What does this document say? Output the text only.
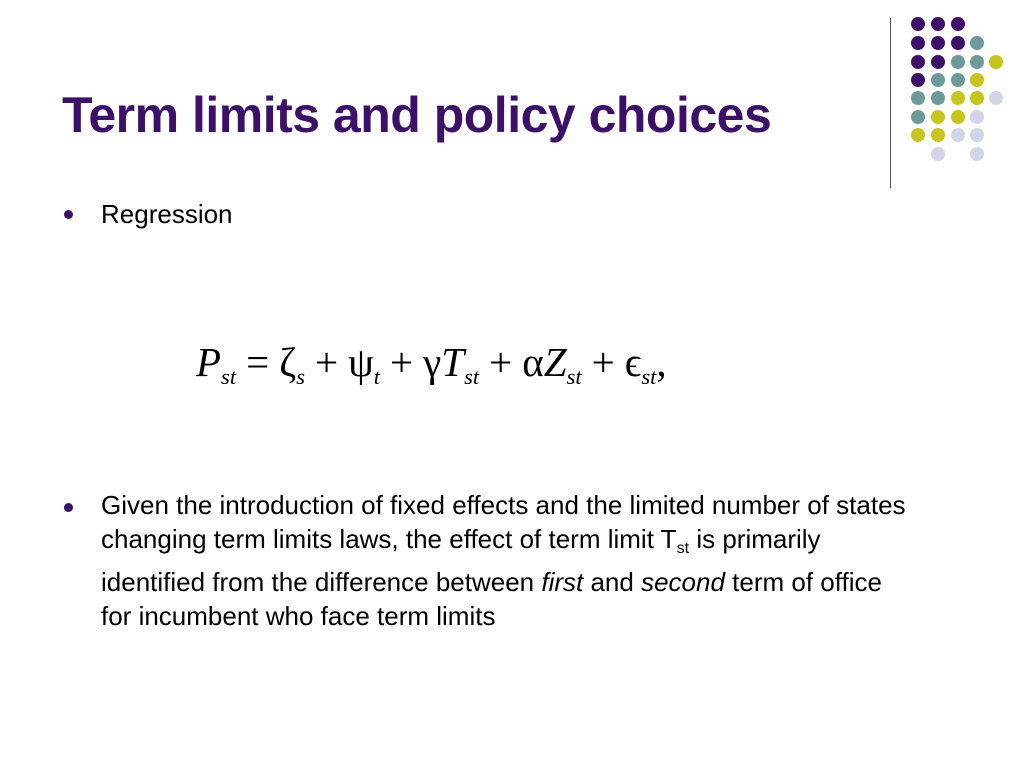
Term limits and policy choices
Regression
$P_{st} = \zeta_s + \psi_t + \gamma T_{st} + \alpha Z_{st} + \epsilon_{st}$,
Given the introduction of fixed effects and the limited number of states changing term limits laws, the effect of term limit $T_{st}$ is primarily identified from the difference between first and second term of office for incumbent who face term limits
